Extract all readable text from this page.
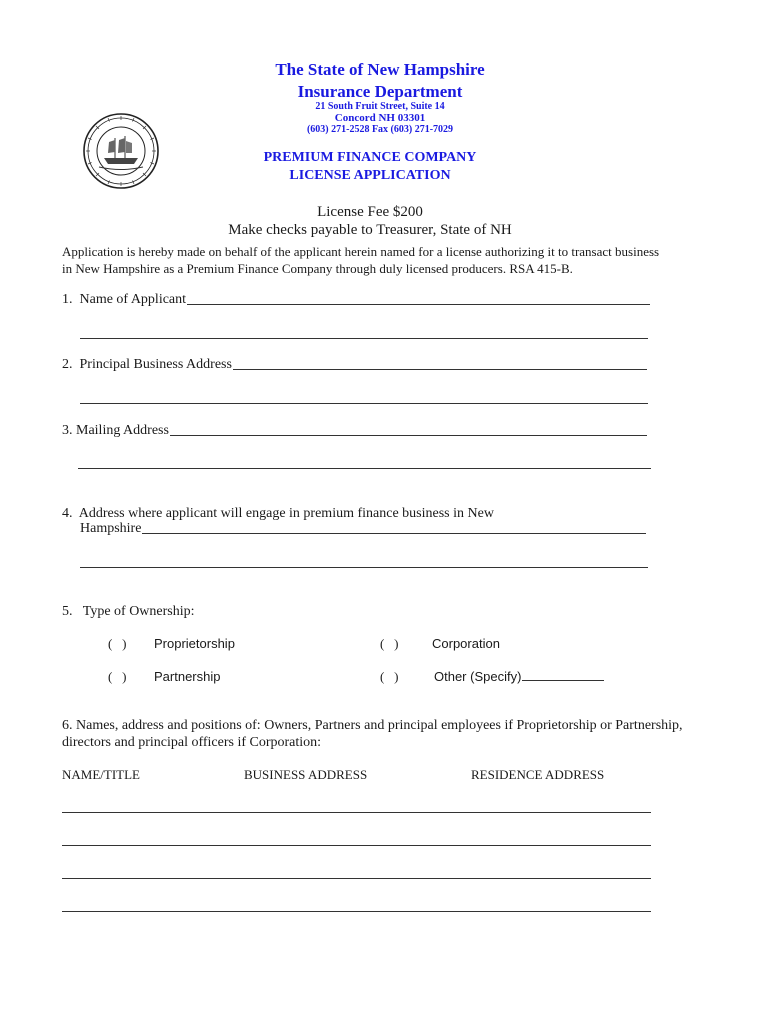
The State of New Hampshire
Insurance Department
21 South Fruit Street, Suite 14
Concord NH 03301
(603) 271-2528 Fax (603) 271-7029
PREMIUM FINANCE COMPANY
LICENSE APPLICATION
License Fee $200
Make checks payable to Treasurer, State of NH
Application is hereby made on behalf of the applicant herein named for a license authorizing it to transact business
in New Hampshire as a Premium Finance Company through duly licensed producers. RSA 415-B.
1.  Name of Applicant
2.  Principal Business Address
3. Mailing Address
4.  Address where applicant will engage in premium finance business in New
Hampshire
5.   Type of Ownership:
(   ) Proprietorship	(   )	Corporation
(   ) Partnership	(   )	Other (Specify)
6. Names, address and positions of: Owners, Partners and principal employees if Proprietorship or Partnership,
directors and principal officers if Corporation:
NAME/TITLE	BUSINESS ADDRESS	RESIDENCE ADDRESS
